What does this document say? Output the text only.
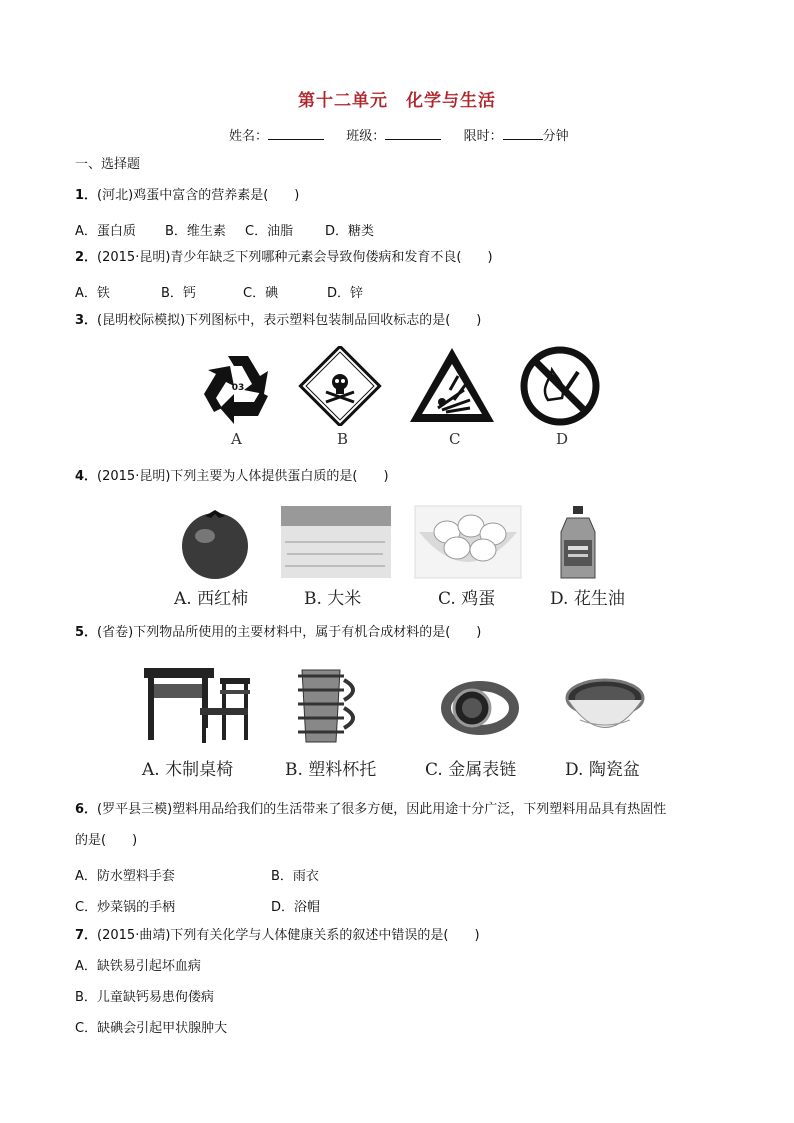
第十二单元　化学与生活
姓名：	班级：	限时：	分钟
一、选择题
1．(河北)鸡蛋中富含的营养素是(　　)
A．蛋白质 B．维生素 C．油脂 D．糖类
2．(2015·昆明)青少年缺乏下列哪种元素会导致佝偻病和发育不良(　　)
A．铁	B．钙	C．碘	D．锌
3．(昆明校际模拟)下列图标中，表示塑料包装制品回收标志的是(　　)
03
A	B	C	D
4．(2015·昆明)下列主要为人体提供蛋白质的是(　　)
A. 西红柿	B. 大米	C. 鸡蛋	D. 花生油
5．(省卷)下列物品所使用的主要材料中，属于有机合成材料的是(　　)
A. 木制桌椅	B. 塑料杯托	C. 金属表链	D. 陶瓷盆
6．(罗平县三模)塑料用品给我们的生活带来了很多方便，因此用途十分广泛，下列塑料用品具有热固性
的是(　　)
A．防水塑料手套	B．雨衣
C．炒菜锅的手柄	D．浴帽
7．(2015·曲靖)下列有关化学与人体健康关系的叙述中错误的是(　　)
A．缺铁易引起坏血病
B．儿童缺钙易患佝偻病
C．缺碘会引起甲状腺肿大
